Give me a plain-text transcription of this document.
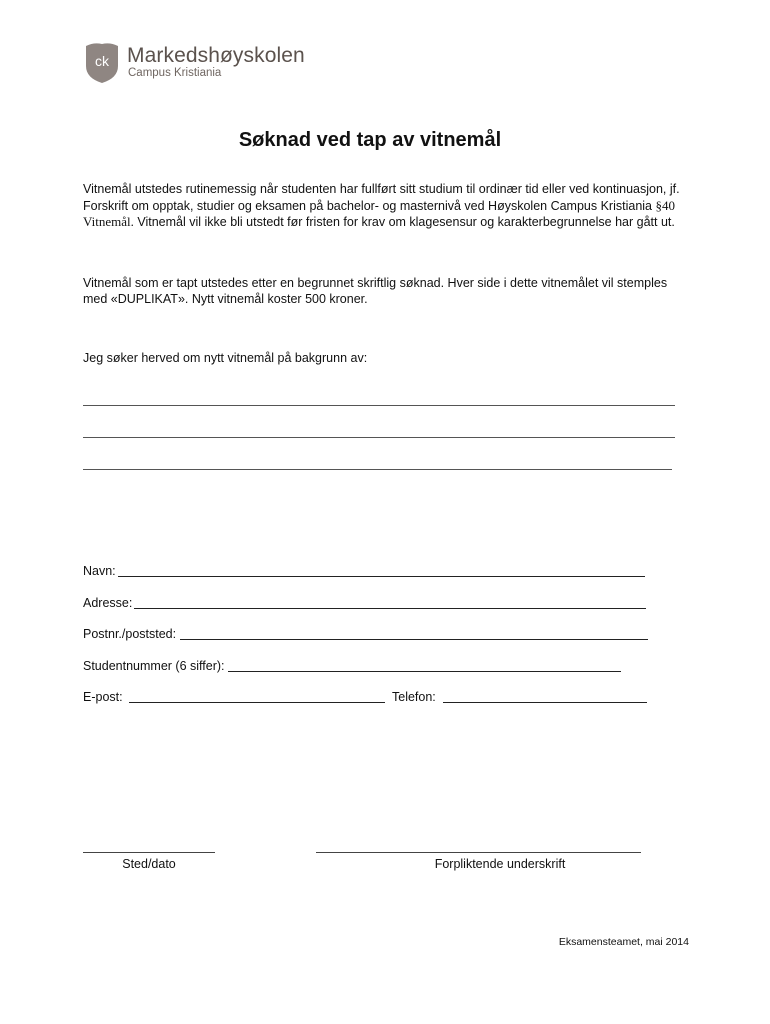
ck Markedshøyskolen
Campus Kristiania
Søknad ved tap av vitnemål
Vitnemål utstedes rutinemessig når studenten har fullført sitt studium til ordinær tid eller ved kontinuasjon, jf. Forskrift om opptak, studier og eksamen på bachelor- og masternivå ved Høyskolen Campus Kristiania §40 Vitnemål. Vitnemål vil ikke bli utstedt før fristen for krav om klagesensur og karakterbegrunnelse har gått ut.
Vitnemål som er tapt utstedes etter en begrunnet skriftlig søknad. Hver side i dette vitnemålet vil stemples med «DUPLIKAT». Nytt vitnemål koster 500 kroner.
Jeg søker herved om nytt vitnemål på bakgrunn av:
Navn:
Adresse:
Postnr./poststed:
Studentnummer (6 siffer):
E-post:	Telefon:
Sted/dato	Forpliktende underskrift
Eksamensteamet, mai 2014
